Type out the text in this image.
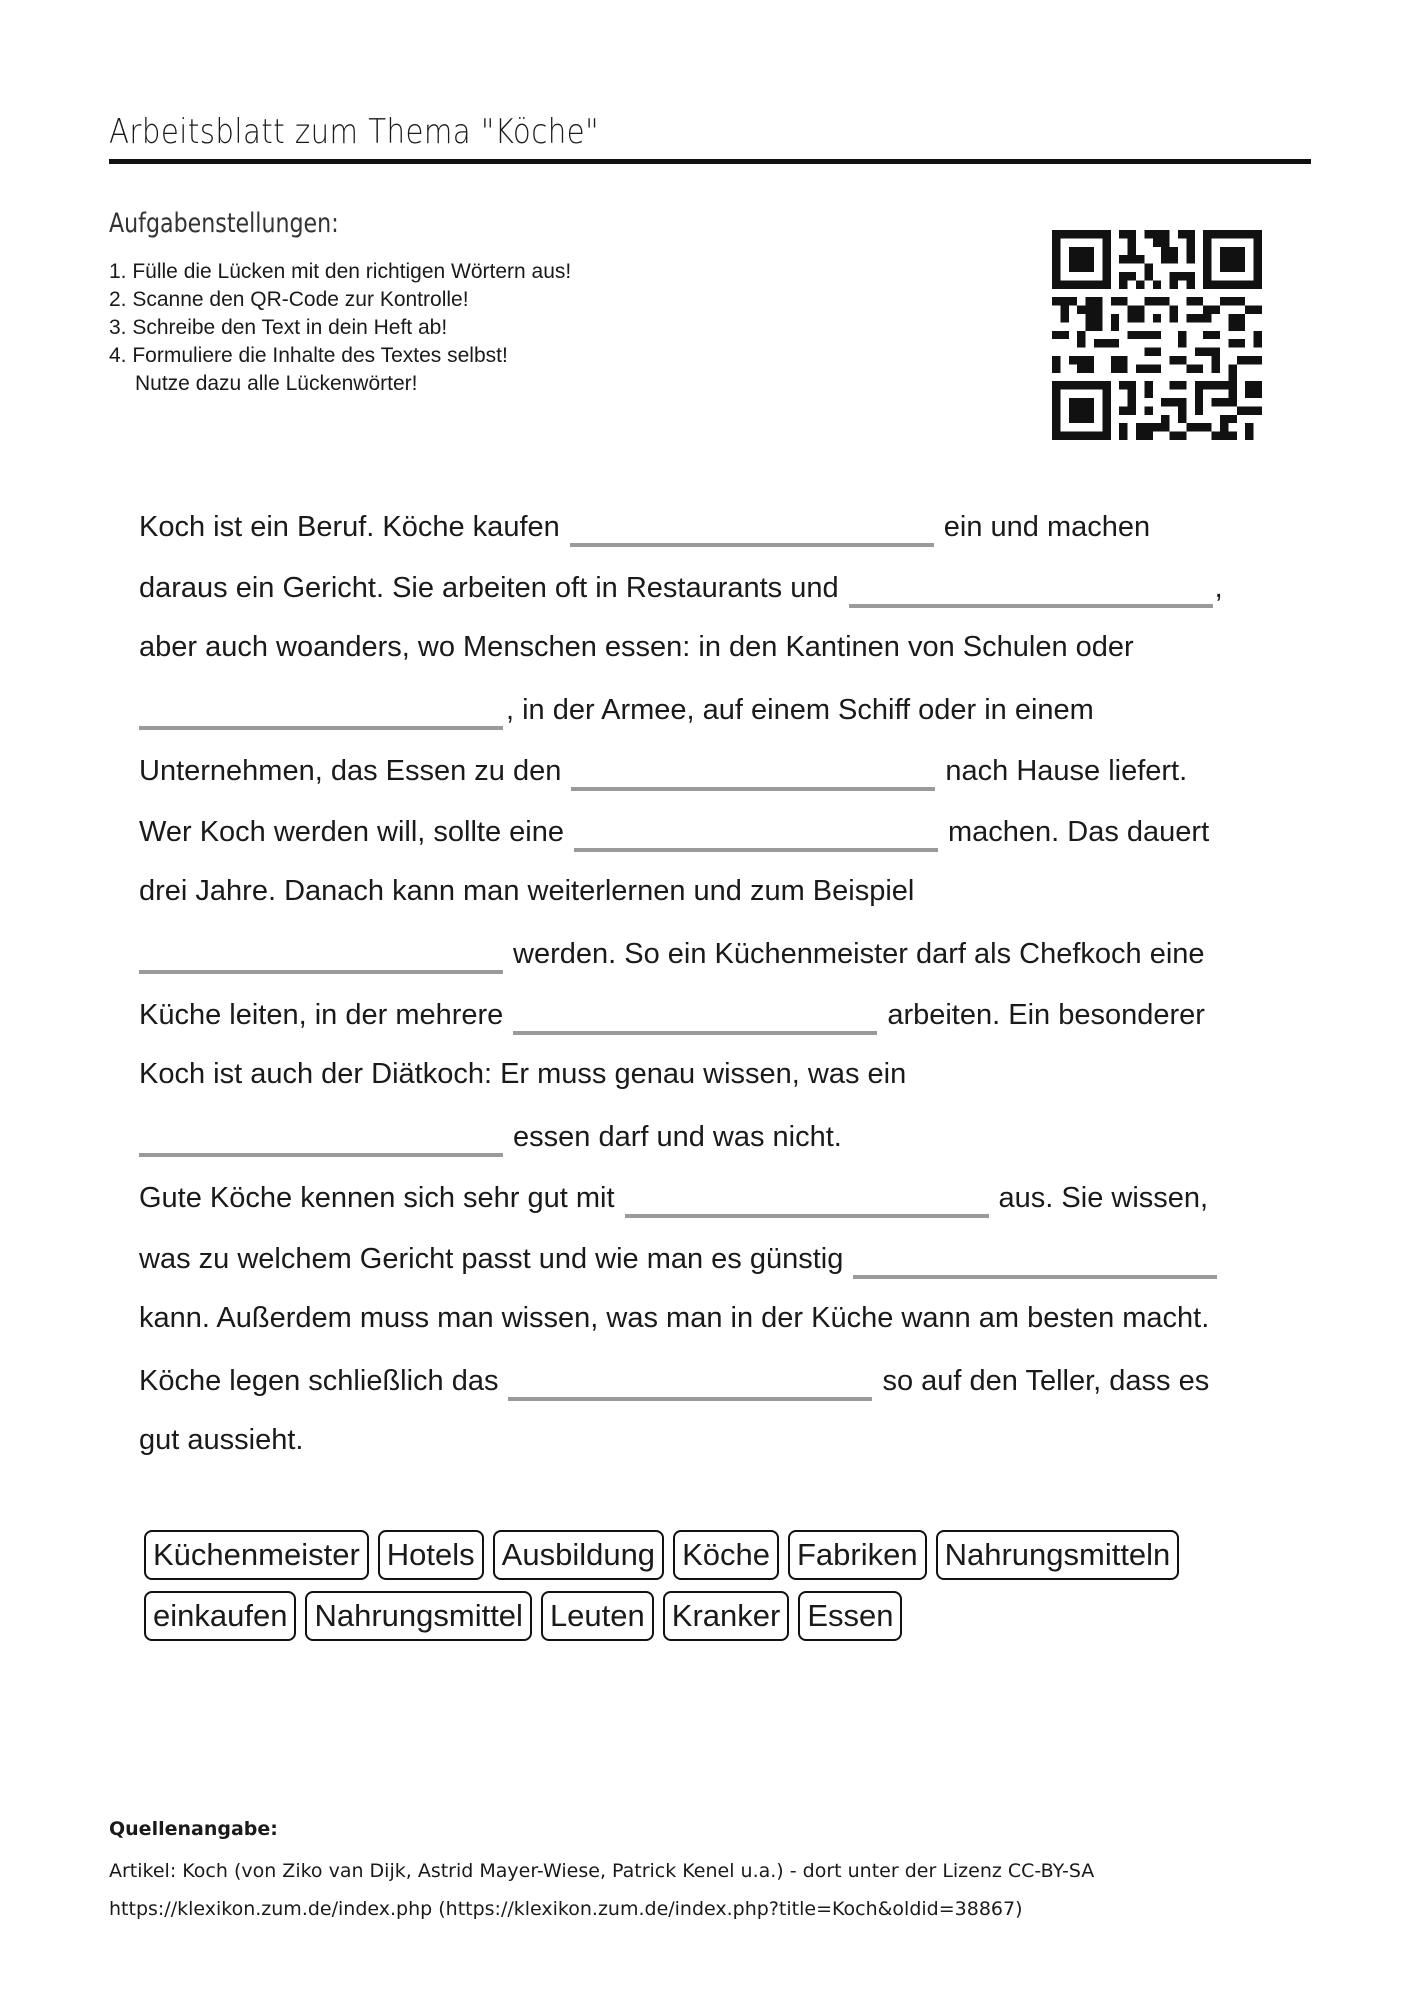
Arbeitsblatt zum Thema "Köche"
Aufgabenstellungen:
1. Fülle die Lücken mit den richtigen Wörtern aus!
2. Scanne den QR-Code zur Kontrolle!
3. Schreibe den Text in dein Heft ab!
4. Formuliere die Inhalte des Textes selbst!
Nutze dazu alle Lückenwörter!
Koch ist ein Beruf. Köche kaufen	ein und machen
daraus ein Gericht. Sie arbeiten oft in Restaurants und	,
aber auch woanders, wo Menschen essen: in den Kantinen von Schulen oder
, in der Armee, auf einem Schiff oder in einem
Unternehmen, das Essen zu den	nach Hause liefert.
Wer Koch werden will, sollte eine	machen. Das dauert
drei Jahre. Danach kann man weiterlernen und zum Beispiel
werden. So ein Küchenmeister darf als Chefkoch eine
Küche leiten, in der mehrere	arbeiten. Ein besonderer
Koch ist auch der Diätkoch: Er muss genau wissen, was ein
essen darf und was nicht.
Gute Köche kennen sich sehr gut mit	aus. Sie wissen,
was zu welchem Gericht passt und wie man es günstig
kann. Außerdem muss man wissen, was man in der Küche wann am besten macht.
Köche legen schließlich das	so auf den Teller, dass es
gut aussieht.
Küchenmeister Hotels Ausbildung Köche Fabriken Nahrungsmitteln
einkaufen Nahrungsmittel Leuten Kranker Essen
Quellenangabe:
Artikel: Koch (von Ziko van Dijk, Astrid Mayer-Wiese, Patrick Kenel u.a.) - dort unter der Lizenz CC-BY-SA
https://klexikon.zum.de/index.php (https://klexikon.zum.de/index.php?title=Koch&oldid=38867)
